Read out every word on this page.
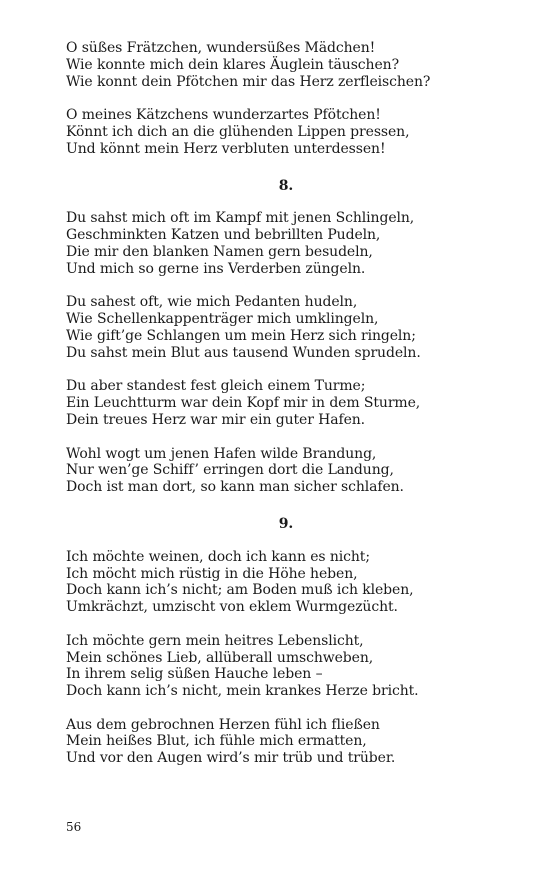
O süßes Frätzchen, wundersüßes Mädchen!
Wie konnte mich dein klares Äuglein täuschen?
Wie konnt dein Pfötchen mir das Herz zerfleischen?
O meines Kätzchens wunderzartes Pfötchen!
Könnt ich dich an die glühenden Lippen pressen,
Und könnt mein Herz verbluten unterdessen!
8.
Du sahst mich oft im Kampf mit jenen Schlingeln,
Geschminkten Katzen und bebrillten Pudeln,
Die mir den blanken Namen gern besudeln,
Und mich so gerne ins Verderben züngeln.
Du sahest oft, wie mich Pedanten hudeln,
Wie Schellenkappenträger mich umklingeln,
Wie gift’ge Schlangen um mein Herz sich ringeln;
Du sahst mein Blut aus tausend Wunden sprudeln.
Du aber standest fest gleich einem Turme;
Ein Leuchtturm war dein Kopf mir in dem Sturme,
Dein treues Herz war mir ein guter Hafen.
Wohl wogt um jenen Hafen wilde Brandung,
Nur wen’ge Schiff’ erringen dort die Landung,
Doch ist man dort, so kann man sicher schlafen.
9.
Ich möchte weinen, doch ich kann es nicht;
Ich möcht mich rüstig in die Höhe heben,
Doch kann ich’s nicht; am Boden muß ich kleben,
Umkrächzt, umzischt von eklem Wurmgezücht.
Ich möchte gern mein heitres Lebenslicht,
Mein schönes Lieb, allüberall umschweben,
In ihrem selig süßen Hauche leben –
Doch kann ich’s nicht, mein krankes Herze bricht.
Aus dem gebrochnen Herzen fühl ich fließen
Mein heißes Blut, ich fühle mich ermatten,
Und vor den Augen wird’s mir trüb und trüber.
56
